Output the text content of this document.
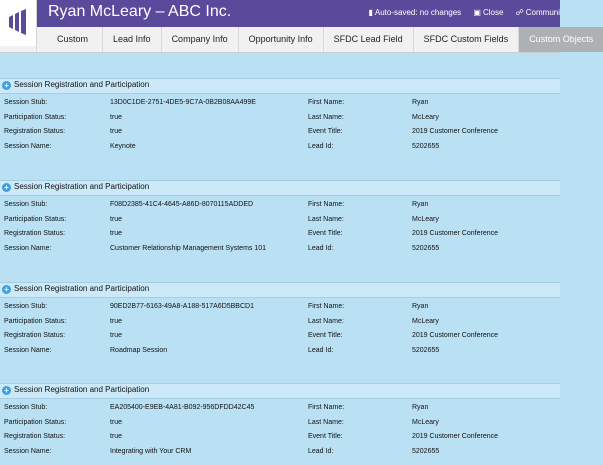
Ryan McLeary – ABC Inc.	▮ Auto-saved: no changes ▣ Close ☍ Communi
Custom	Lead Info	Company Info	Opportunity Info	SFDC Lead Field	SFDC Custom Fields	Custom Objects
+ Session Registration and Participation
Session Stub:	13D0C1DE-2751-4DE5-9C7A-0B2B08AA499E	First Name:	Ryan
Participation Status:	true	Last Name:	McLeary
Registration Status:	true	Event Title:	2019 Customer Conference
Session Name:	Keynote	Lead Id:	5202655
+ Session Registration and Participation
Session Stub:	F08D2385-41C4-4645-A86D-8070115ADDED	First Name:	Ryan
Participation Status:	true	Last Name:	McLeary
Registration Status:	true	Event Title:	2019 Customer Conference
Session Name:	Customer Relationship Management Systems 101	Lead Id:	5202655
+ Session Registration and Participation
Session Stub:	90ED2B77-6163-49A8-A188-517A6D5BBCD1	First Name:	Ryan
Participation Status:	true	Last Name:	McLeary
Registration Status:	true	Event Title:	2019 Customer Conference
Session Name:	Roadmap Session	Lead Id:	5202655
+ Session Registration and Participation
Session Stub:	EA205400-E9EB-4A81-B092-956DFDD42C45	First Name:	Ryan
Participation Status:	true	Last Name:	McLeary
Registration Status:	true	Event Title:	2019 Customer Conference
Session Name:	Integrating with Your CRM	Lead Id:	5202655
